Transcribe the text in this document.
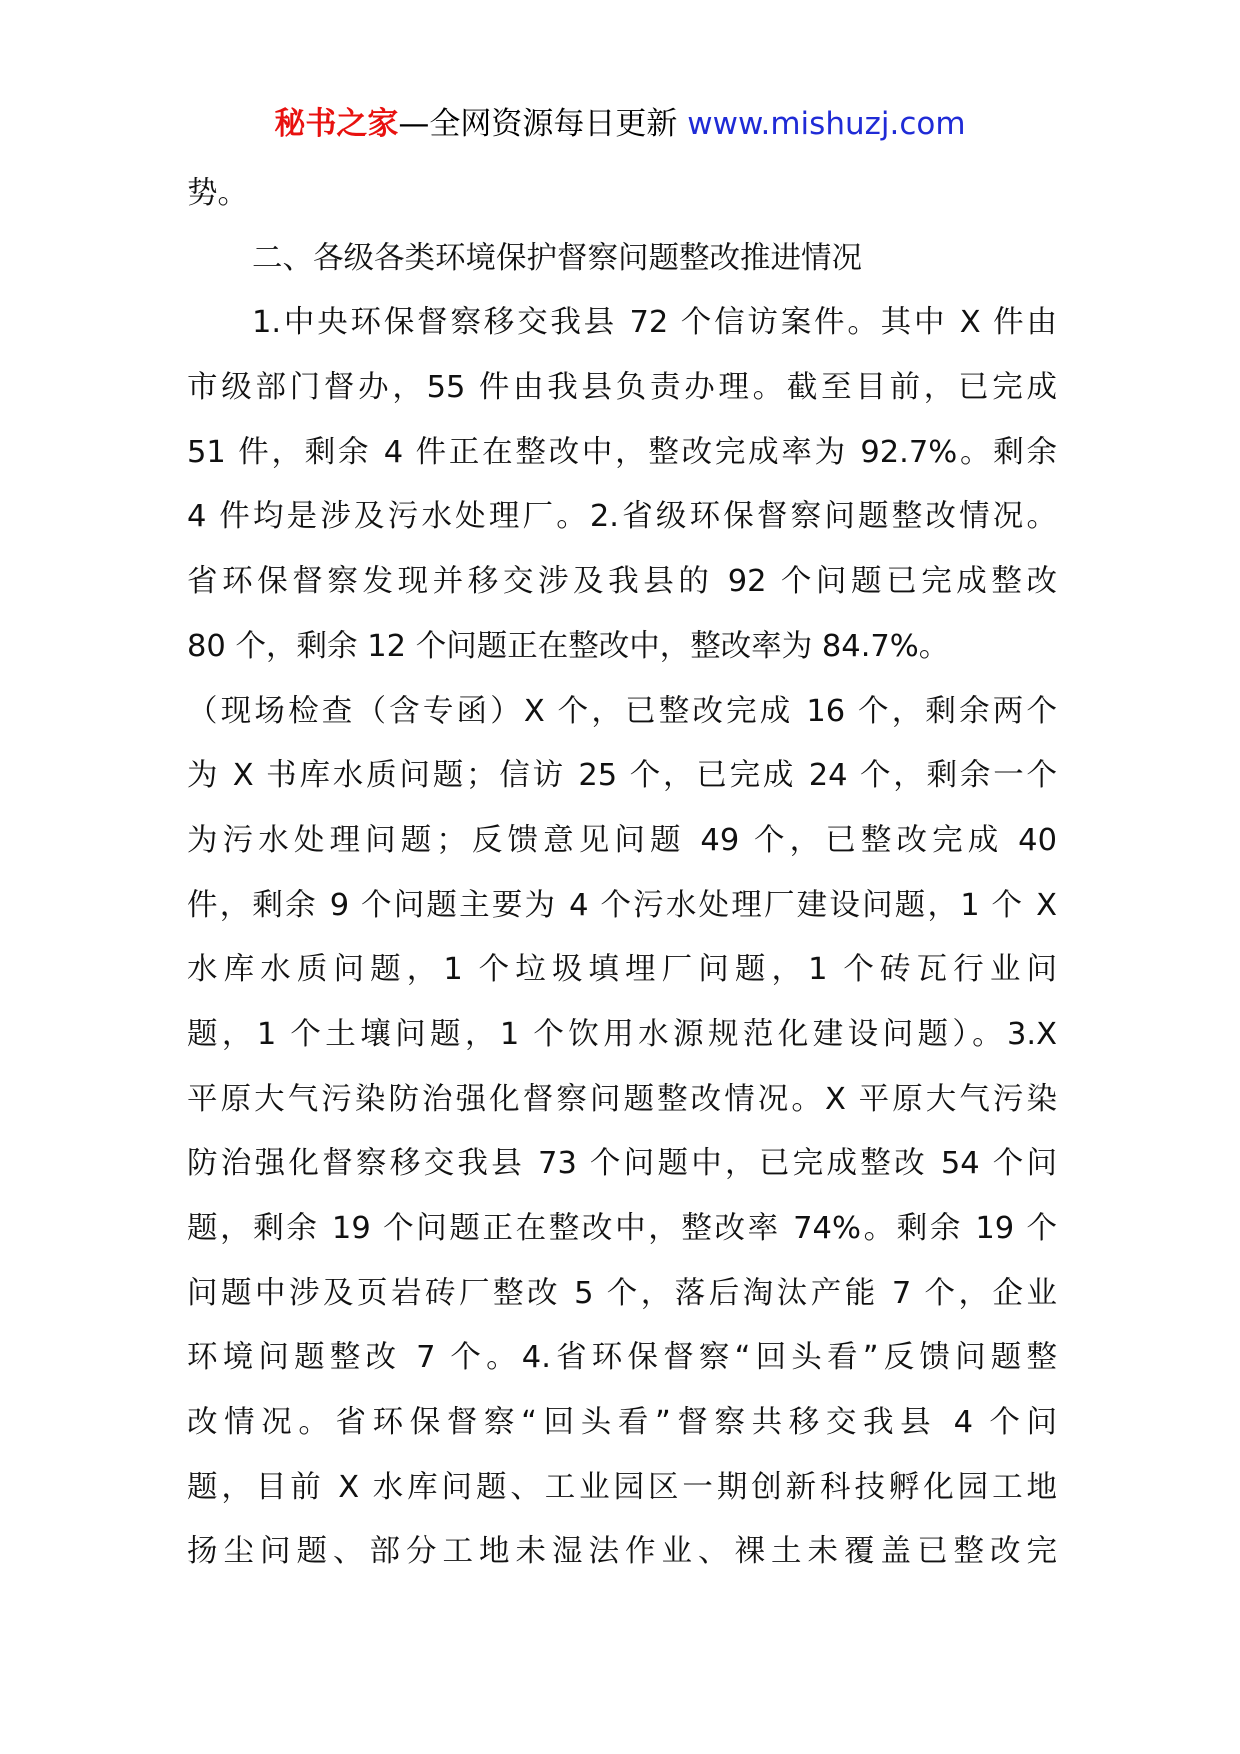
秘书之家—全网资源每日更新 www.mishuzj.com
势。
二、各级各类环境保护督察问题整改推进情况
1.中央环保督察移交我县 72 个信访案件。其中 X 件由
市级部门督办，55 件由我县负责办理。截至目前，已完成
51 件，剩余 4 件正在整改中，整改完成率为 92.7%。剩余
4 件均是涉及污水处理厂。2.省级环保督察问题整改情况。
省环保督察发现并移交涉及我县的 92 个问题已完成整改
80 个，剩余 12 个问题正在整改中，整改率为 84.7%。
（现场检查（含专函）X 个，已整改完成 16 个，剩余两个
为 X 书库水质问题；信访 25 个，已完成 24 个，剩余一个
为污水处理问题；反馈意见问题 49 个，已整改完成 40
件，剩余 9 个问题主要为 4 个污水处理厂建设问题，1 个 X
水库水质问题，1 个垃圾填埋厂问题，1 个砖瓦行业问
题，1 个土壤问题，1 个饮用水源规范化建设问题）。3.X
平原大气污染防治强化督察问题整改情况。X 平原大气污染
防治强化督察移交我县 73 个问题中，已完成整改 54 个问
题，剩余 19 个问题正在整改中，整改率 74%。剩余 19 个
问题中涉及页岩砖厂整改 5 个，落后淘汰产能 7 个，企业
环境问题整改 7 个。4.省环保督察“回头看”反馈问题整
改情况。省环保督察“回头看”督察共移交我县 4 个问
题，目前 X 水库问题、工业园区一期创新科技孵化园工地
扬尘问题、部分工地未湿法作业、裸土未覆盖已整改完
